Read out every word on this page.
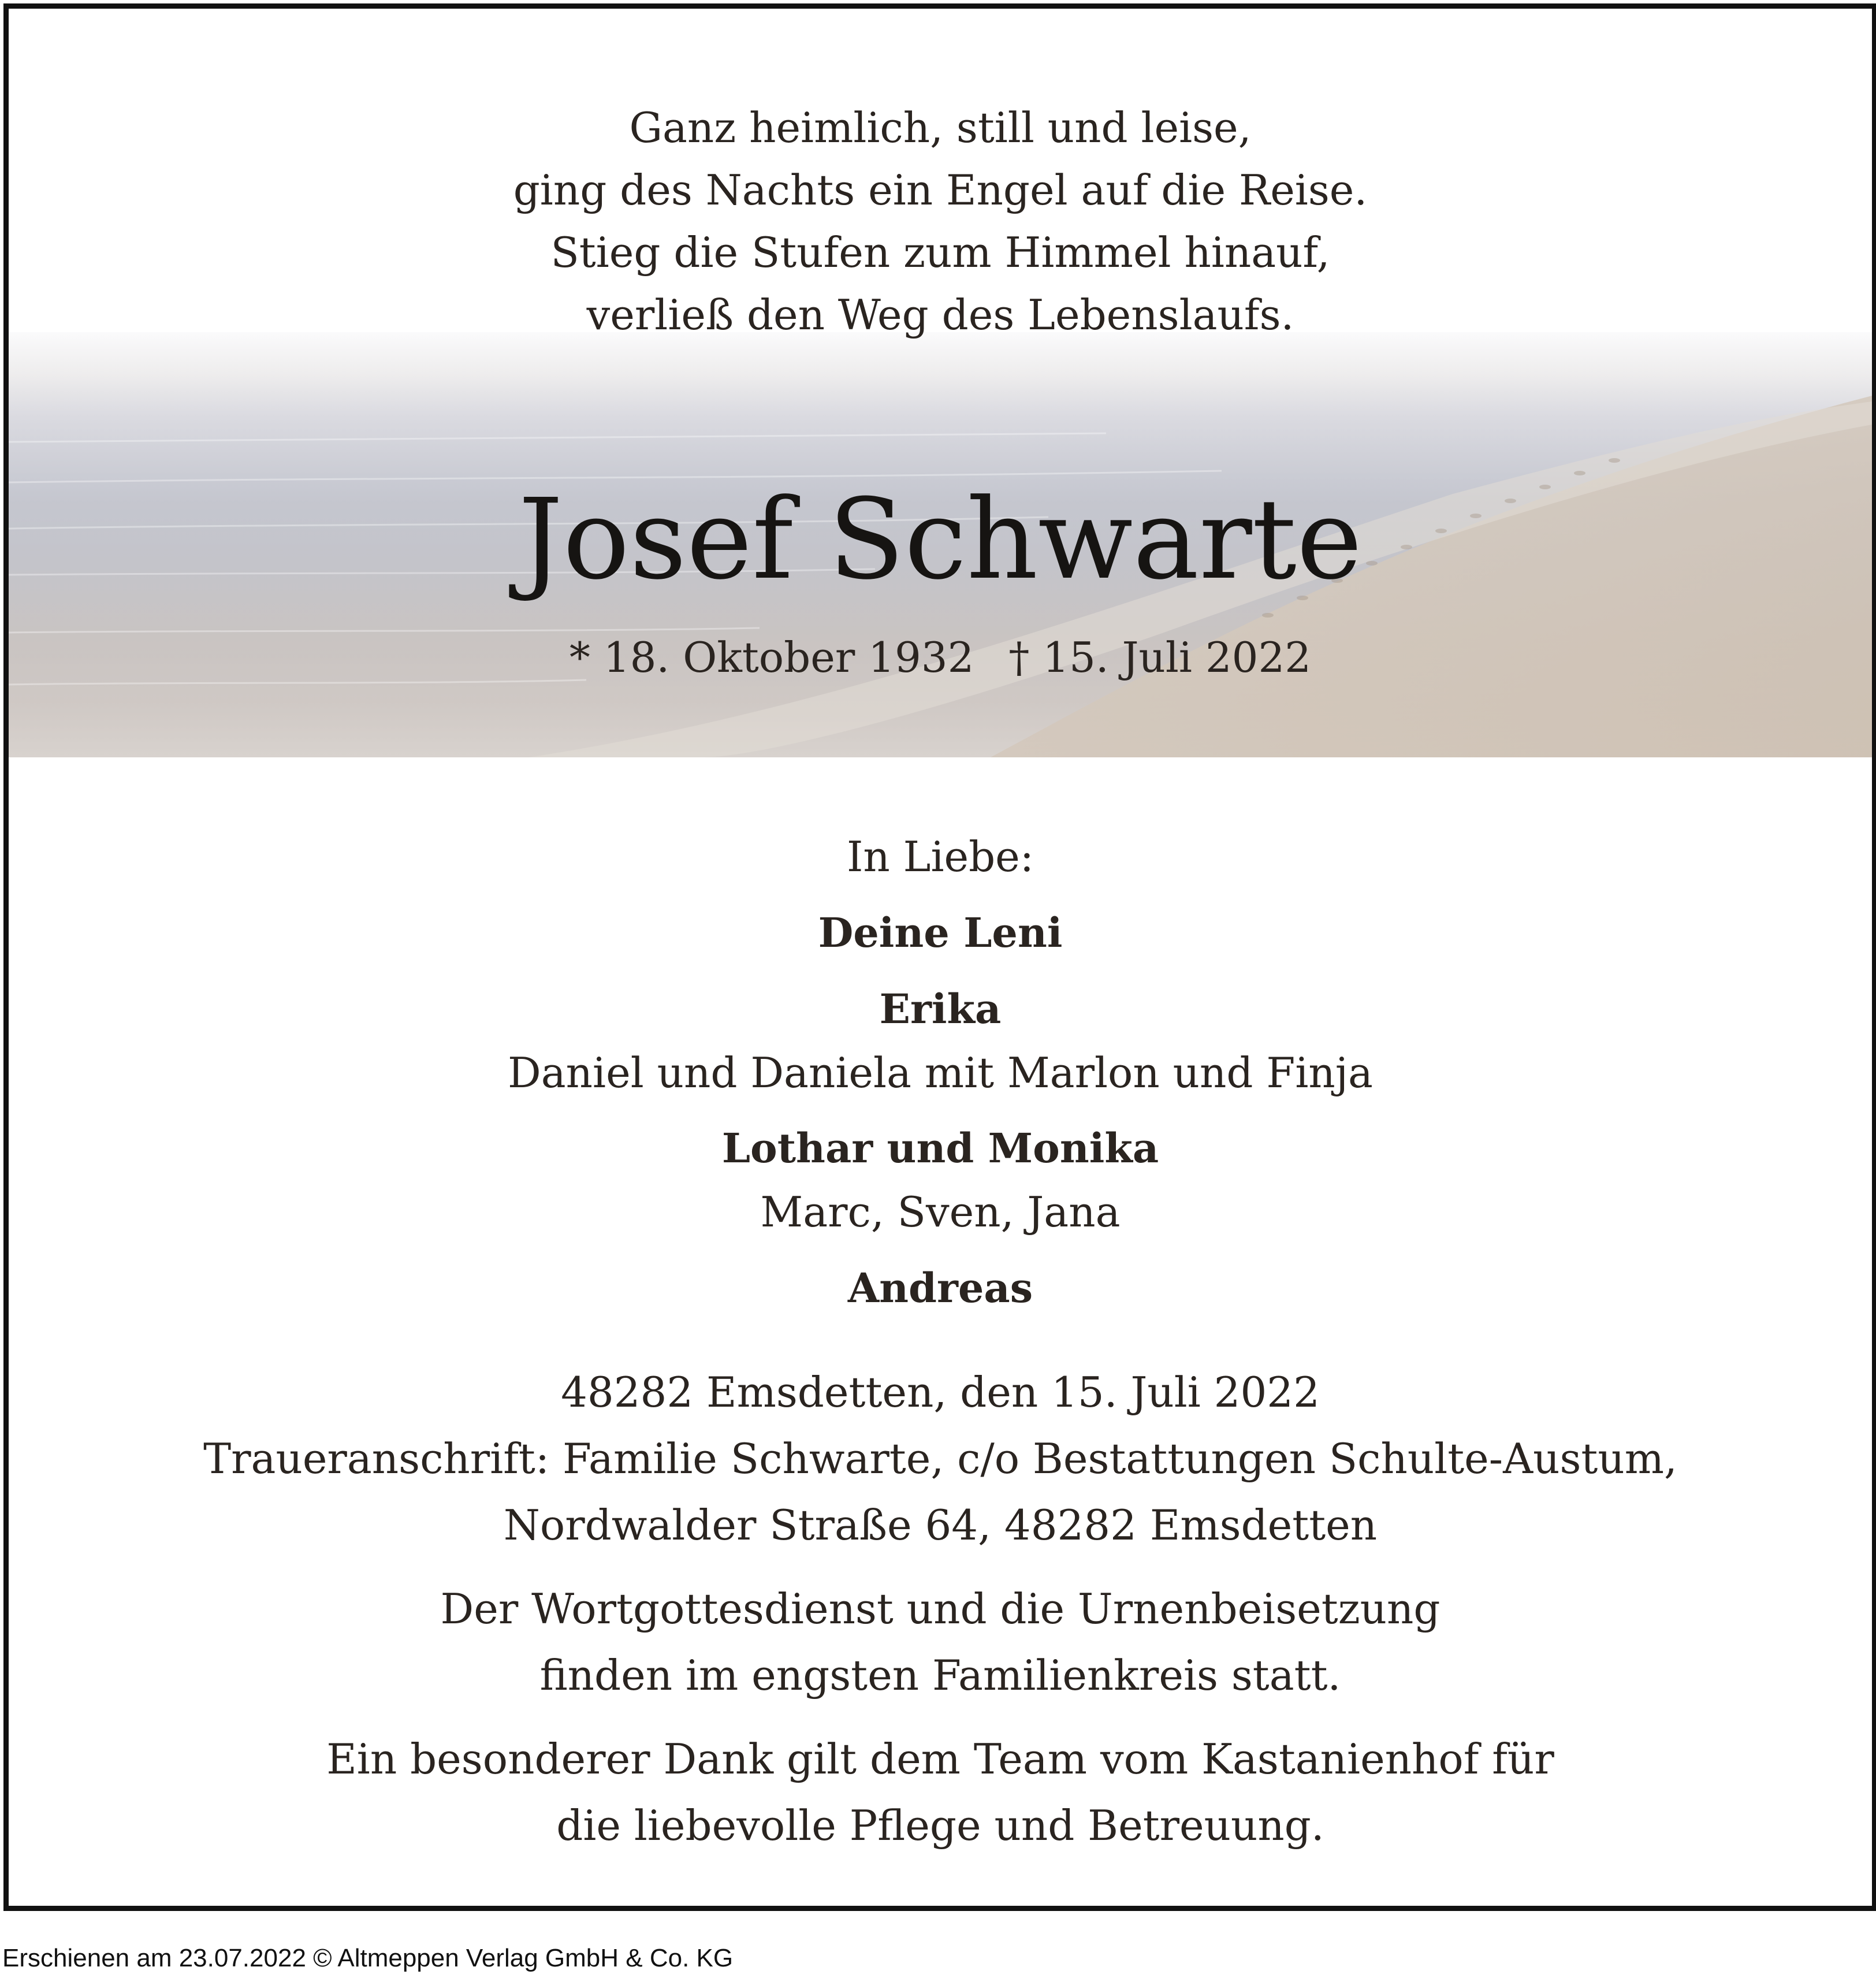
Ganz heimlich, still und leise,
ging des Nachts ein Engel auf die Reise.
Stieg die Stufen zum Himmel hinauf,
verließ den Weg des Lebenslaufs.
Josef Schwarte
* 18. Oktober 1932 † 15. Juli 2022
In Liebe:
Deine Leni
Erika
Daniel und Daniela mit Marlon und Finja
Lothar und Monika
Marc, Sven, Jana
Andreas
48282 Emsdetten, den 15. Juli 2022
Traueranschrift: Familie Schwarte, c/o Bestattungen Schulte-Austum,
Nordwalder Straße 64, 48282 Emsdetten
Der Wortgottesdienst und die Urnenbeisetzung
finden im engsten Familienkreis statt.
Ein besonderer Dank gilt dem Team vom Kastanienhof für
die liebevolle Pflege und Betreuung.
Erschienen am 23.07.2022 © Altmeppen Verlag GmbH & Co. KG
